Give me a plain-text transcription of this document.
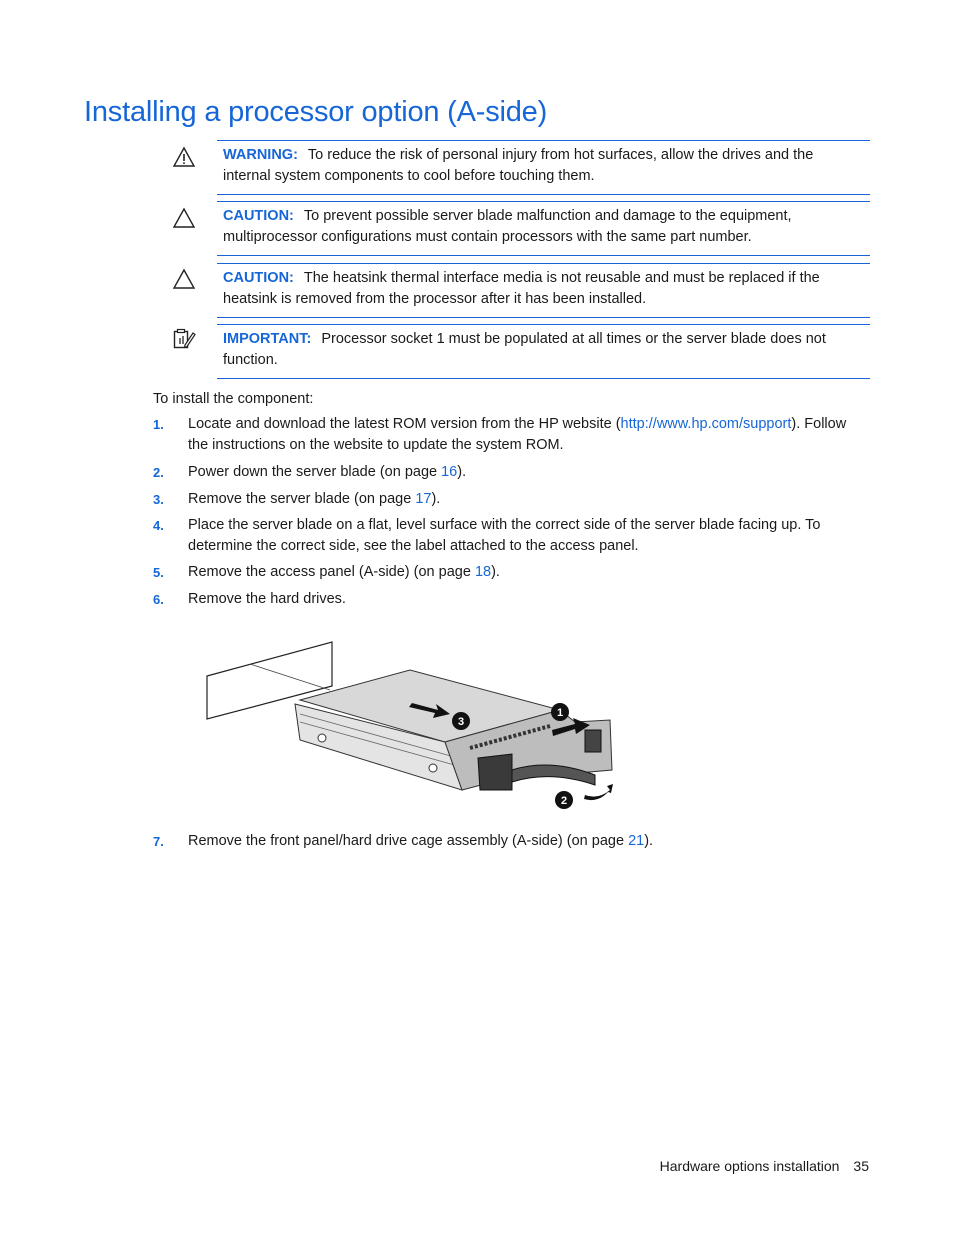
Installing a processor option (A-side)
WARNING: To reduce the risk of personal injury from hot surfaces, allow the drives and the internal system components to cool before touching them.
CAUTION: To prevent possible server blade malfunction and damage to the equipment, multiprocessor configurations must contain processors with the same part number.
CAUTION: The heatsink thermal interface media is not reusable and must be replaced if the heatsink is removed from the processor after it has been installed.
IMPORTANT: Processor socket 1 must be populated at all times or the server blade does not function.
To install the component:
1. Locate and download the latest ROM version from the HP website (http://www.hp.com/support). Follow the instructions on the website to update the system ROM.
2. Power down the server blade (on page 16).
3. Remove the server blade (on page 17).
4. Place the server blade on a flat, level surface with the correct side of the server blade facing up. To determine the correct side, see the label attached to the access panel.
5. Remove the access panel (A-side) (on page 18).
6. Remove the hard drives.
3
1
2
7. Remove the front panel/hard drive cage assembly (A-side) (on page 21).
Hardware options installation 35
